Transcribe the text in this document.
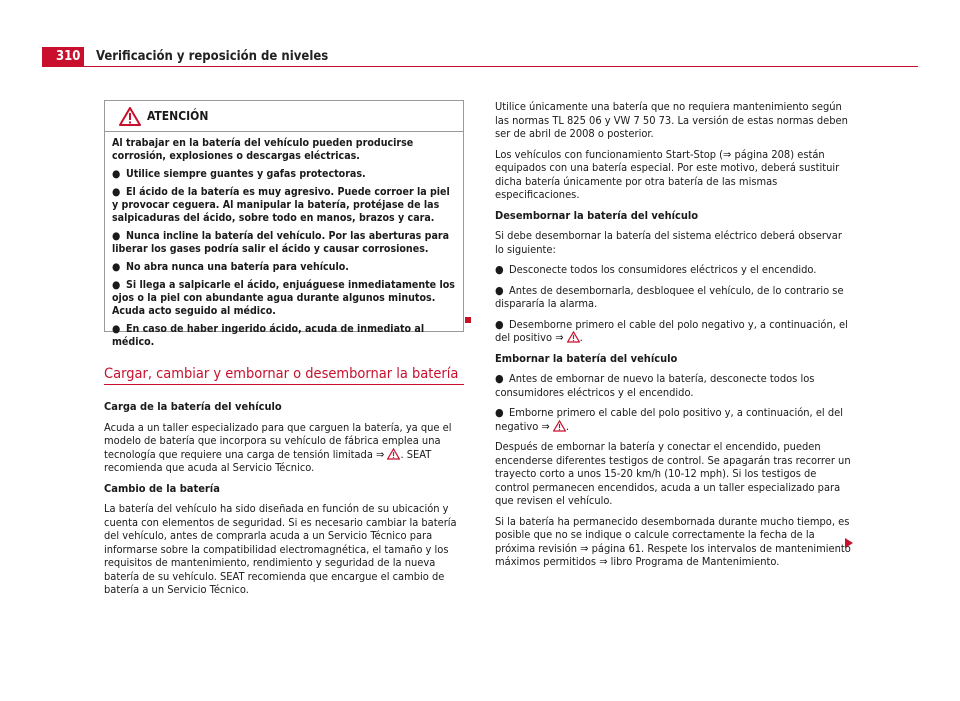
310 Verificación y reposición de niveles
ATENCIÓN

Al trabajar en la batería del vehículo pueden producirse corrosión, explosiones o descargas eléctricas.

● Utilice siempre guantes y gafas protectoras.

● El ácido de la batería es muy agresivo. Puede corroer la piel y provocar ceguera. Al manipular la batería, protéjase de las salpicaduras del ácido, sobre todo en manos, brazos y cara.

● Nunca incline la batería del vehículo. Por las aberturas para liberar los gases podría salir el ácido y causar corrosiones.

● No abra nunca una batería para vehículo.

● Si llega a salpicarle el ácido, enjuáguese inmediatamente los ojos o la piel con abundante agua durante algunos minutos. Acuda acto seguido al médico.

● En caso de haber ingerido ácido, acuda de inmediato al médico.

Cargar, cambiar y embornar o desembornar la batería

Carga de la batería del vehículo

Acuda a un taller especializado para que carguen la batería, ya que el modelo de batería que incorpora su vehículo de fábrica emplea una tecnología que requiere una carga de tensión limitada ⇒ . SEAT recomienda que acuda al Servicio Técnico.

Cambio de la batería

La batería del vehículo ha sido diseñada en función de su ubicación y cuenta con elementos de seguridad. Si es necesario cambiar la batería del vehículo, antes de comprarla acuda a un Servicio Técnico para informarse sobre la compatibilidad electromagnética, el tamaño y los requisitos de mantenimiento, rendimiento y seguridad de la nueva batería de su vehículo. SEAT recomienda que encargue el cambio de batería a un Servicio Técnico.

Utilice únicamente una batería que no requiera mantenimiento según las normas TL 825 06 y VW 7 50 73. La versión de estas normas deben ser de abril de 2008 o posterior.

Los vehículos con funcionamiento Start-Stop (⇒ página 208) están equipados con una batería especial. Por este motivo, deberá sustituir dicha batería únicamente por otra batería de las mismas especificaciones.

Desembornar la batería del vehículo

Si debe desembornar la batería del sistema eléctrico deberá observar lo siguiente:

● Desconecte todos los consumidores eléctricos y el encendido.

● Antes de desembornarla, desbloquee el vehículo, de lo contrario se dispararía la alarma.

● Desemborne primero el cable del polo negativo y, a continuación, el del positivo ⇒ .

Embornar la batería del vehículo

● Antes de embornar de nuevo la batería, desconecte todos los consumidores eléctricos y el encendido.

● Emborne primero el cable del polo positivo y, a continuación, el del negativo ⇒ .

Después de embornar la batería y conectar el encendido, pueden encenderse diferentes testigos de control. Se apagarán tras recorrer un trayecto corto a unos 15-20 km/h (10-12 mph). Si los testigos de control permanecen encendidos, acuda a un taller especializado para que revisen el vehículo.

Si la batería ha permanecido desembornada durante mucho tiempo, es posible que no se indique o calcule correctamente la fecha de la próxima revisión ⇒ página 61. Respete los intervalos de mantenimiento máximos permitidos ⇒ libro Programa de Mantenimiento.
